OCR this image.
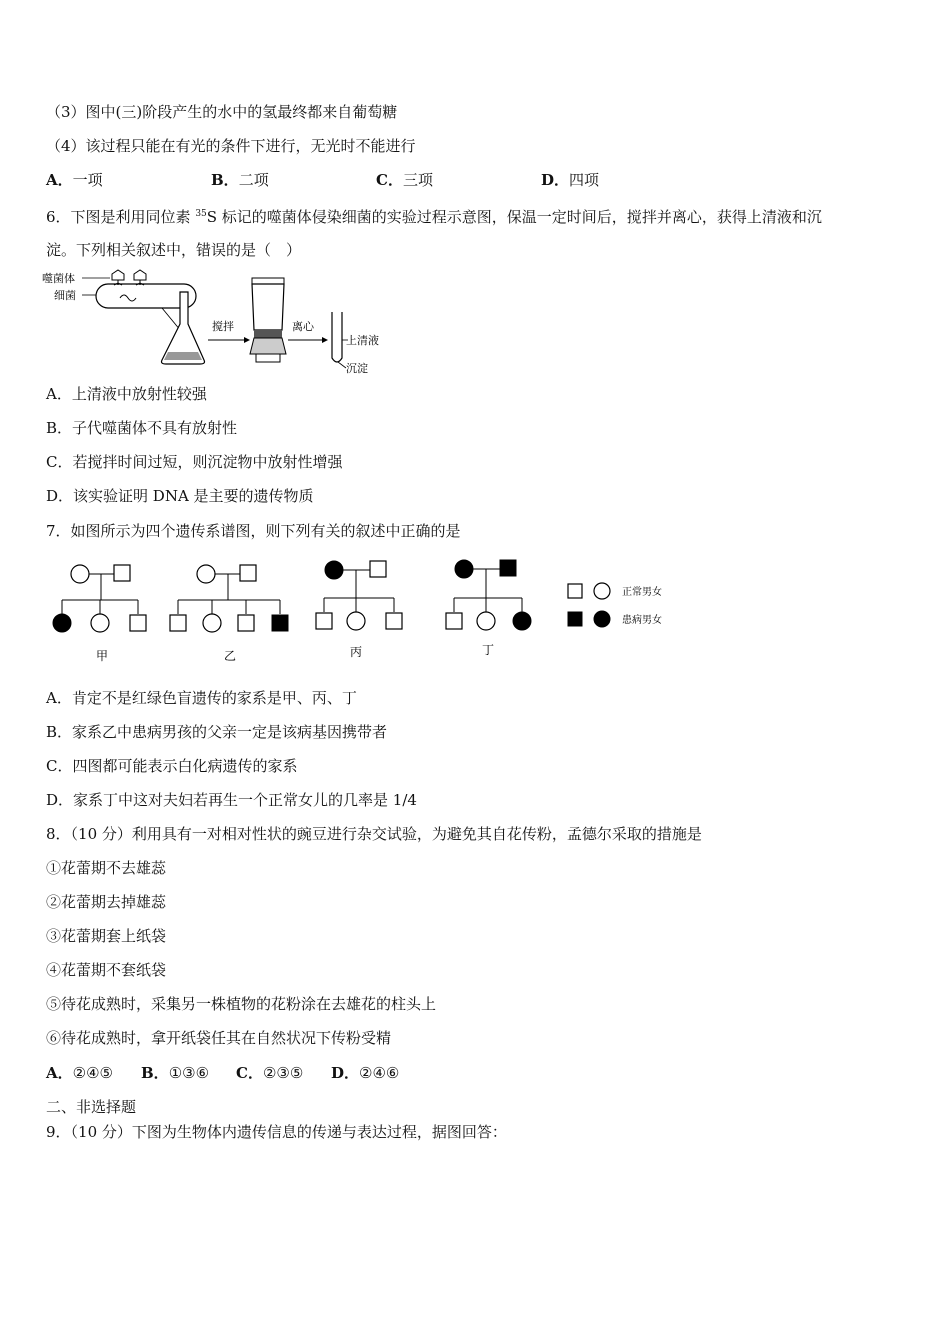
（3）图中(三)阶段产生的水中的氢最终都来自葡萄糖
（4）该过程只能在有光的条件下进行，无光时不能进行
A．一项	B．二项	C．三项	D．四项
6．下图是利用同位素 $^{35}$S 标记的噬菌体侵染细菌的实验过程示意图，保温一定时间后，搅拌并离心，获得上清液和沉
淀。下列相关叙述中，错误的是（　）
噬菌体
细菌
搅拌	离心
上清液
沉淀
A．上清液中放射性较强
B．子代噬菌体不具有放射性
C．若搅拌时间过短，则沉淀物中放射性增强
D．该实验证明 DNA 是主要的遗传物质
7．如图所示为四个遗传系谱图，则下列有关的叙述中正确的是
甲	乙	丙	丁
正常男女
患病男女
A．肯定不是红绿色盲遗传的家系是甲、丙、丁
B．家系乙中患病男孩的父亲一定是该病基因携带者
C．四图都可能表示白化病遗传的家系
D．家系丁中这对夫妇若再生一个正常女儿的几率是 1/4
8．（10 分）利用具有一对相对性状的豌豆进行杂交试验，为避免其自花传粉，孟德尔采取的措施是
①花蕾期不去雄蕊
②花蕾期去掉雄蕊
③花蕾期套上纸袋
④花蕾期不套纸袋
⑤待花成熟时，采集另一株植物的花粉涂在去雄花的柱头上
⑥待花成熟时，拿开纸袋任其在自然状况下传粉受精
A．②④⑤ B．①③⑥ C．②③⑤ D．②④⑥
二、非选择题
9．（10 分）下图为生物体内遗传信息的传递与表达过程，据图回答：
